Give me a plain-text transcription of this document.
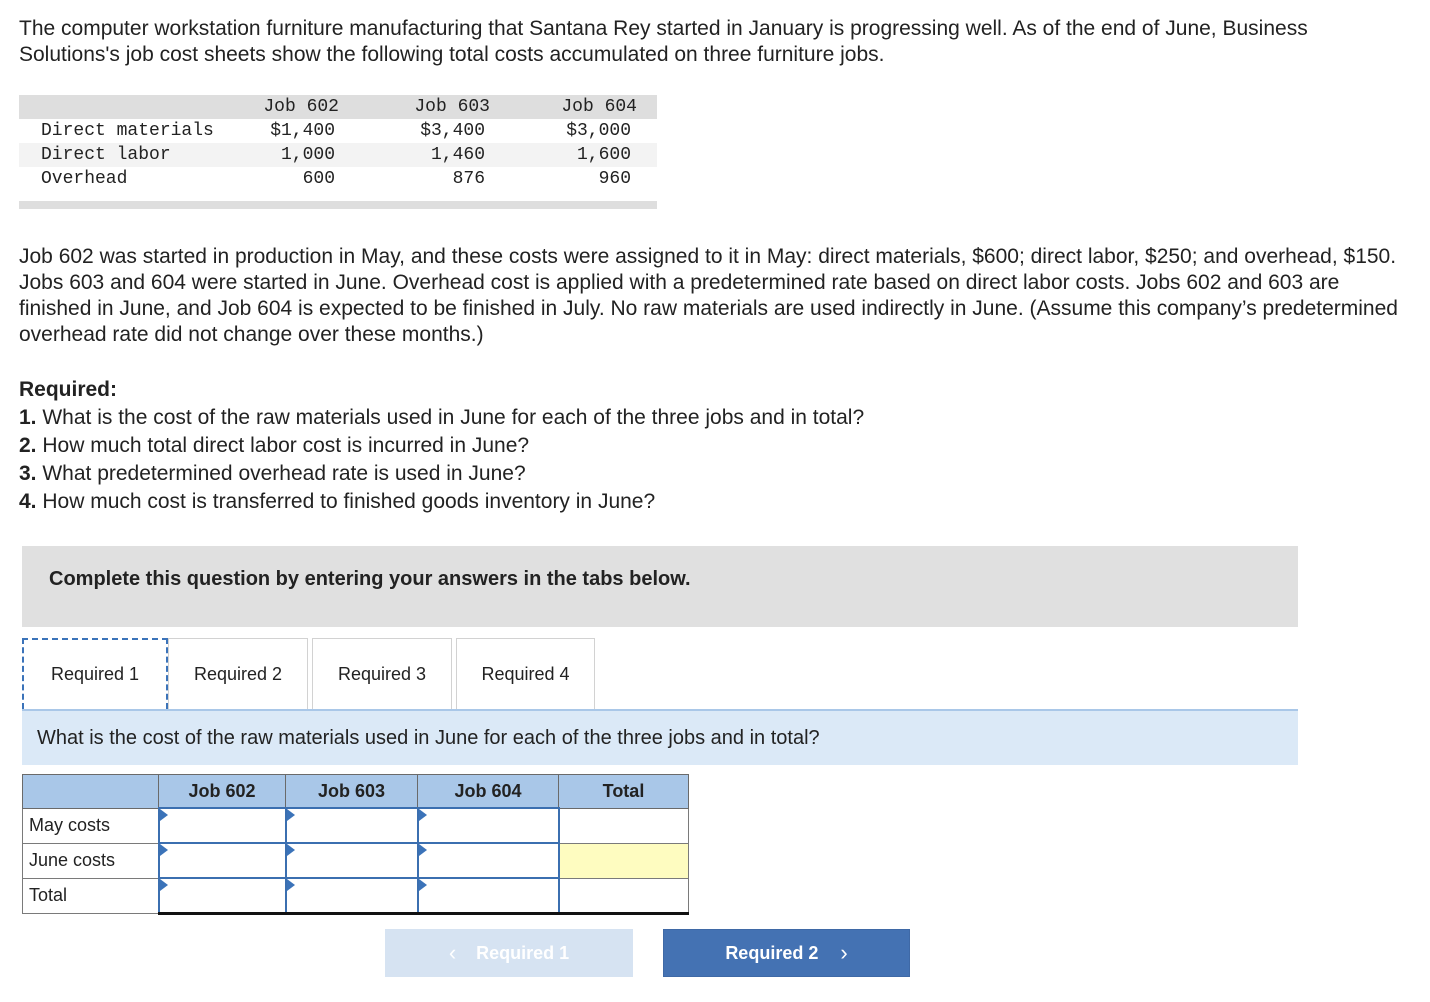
The computer workstation furniture manufacturing that Santana Rey started in January is progressing well. As of the end of June, Business Solutions's job cost sheets show the following total costs accumulated on three furniture jobs.
Job 602	Job 603	Job 604
Direct materials	$1,400	$3,400	$3,000
Direct labor	1,000	1,460	1,600
Overhead	600	876	960
Job 602 was started in production in May, and these costs were assigned to it in May: direct materials, $600; direct labor, $250; and overhead, $150. Jobs 603 and 604 were started in June. Overhead cost is applied with a predetermined rate based on direct labor costs. Jobs 602 and 603 are finished in June, and Job 604 is expected to be finished in July. No raw materials are used indirectly in June. (Assume this company’s predetermined overhead rate did not change over these months.)
Required:
1. What is the cost of the raw materials used in June for each of the three jobs and in total?
2. How much total direct labor cost is incurred in June?
3. What predetermined overhead rate is used in June?
4. How much cost is transferred to finished goods inventory in June?
Complete this question by entering your answers in the tabs below.
Required 1	Required 2	Required 3	Required 4
What is the cost of the raw materials used in June for each of the three jobs and in total?
	Job 602	Job 603	Job 604	Total
May costs				
June costs				
Total				
‹ Required 1	Required 2 ›
